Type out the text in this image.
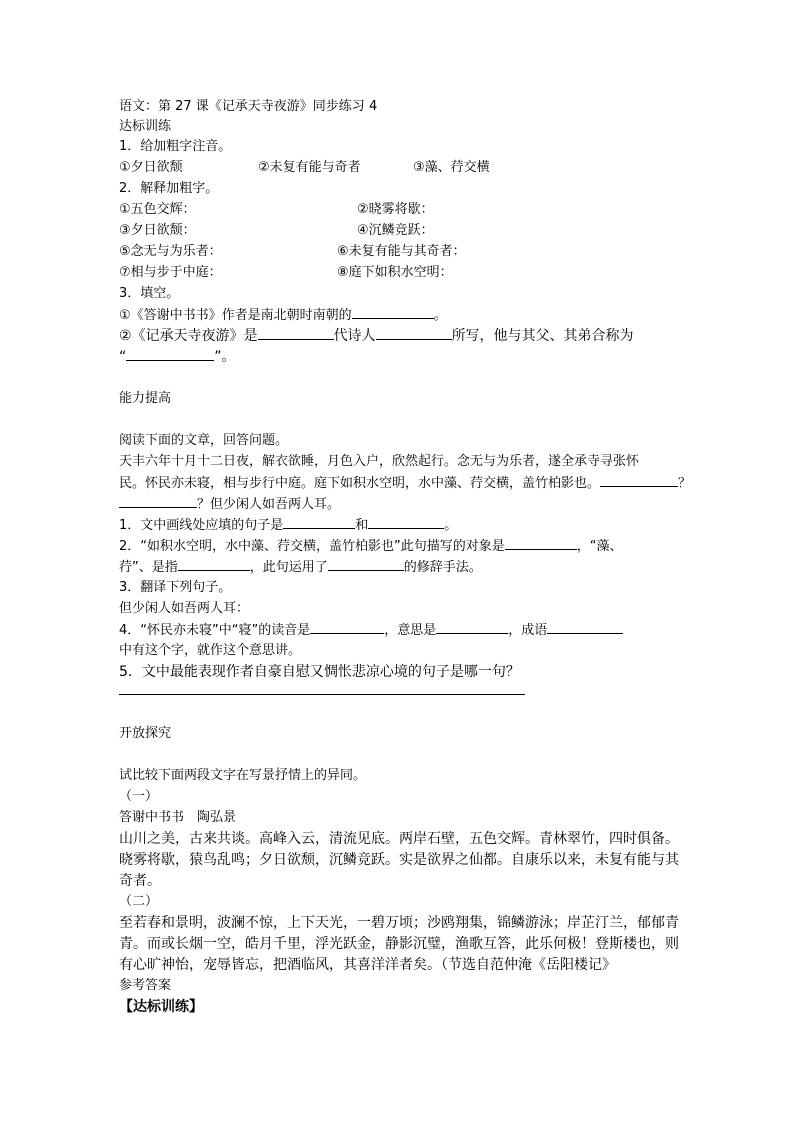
语文：第 27 课《记承天寺夜游》同步练习 4
达标训练
1．给加粗字注音。
①夕日欲颓	②未复有能与奇者	③藻、荇交横
2．解释加粗字。
①五色交辉：	②晓雾将歇：
③夕日欲颓：	④沉鳞竞跃：
⑤念无与为乐者：	⑥未复有能与其奇者：
⑦相与步于中庭：	⑧庭下如积水空明：
3．填空。
①《答谢中书书》作者是南北朝时南朝的	。
②《记承天寺夜游》是	代诗人	所写，他与其父、其弟合称为
“	”。
能力提高
阅读下面的文章，回答问题。
天丰六年十月十二日夜，解衣欲睡，月色入户，欣然起行。念无与为乐者，遂全承寺寻张怀
民。怀民亦未寝，相与步行中庭。庭下如积水空明，水中藻、荇交横，盖竹柏影也。	？
？但少闲人如吾两人耳。
1．文中画线处应填的句子是	和	。
2．“如积水空明，水中藻、荇交横，盖竹柏影也”此句描写的对象是	，“藻、
荇”、是指	，此句运用了	的修辞手法。
3．翻译下列句子。
但少闲人如吾两人耳：
4．“怀民亦未寝”中“寝”的读音是	，意思是	，成语
中有这个字，就作这个意思讲。
5．文中最能表现作者自豪自慰又惆怅悲凉心境的句子是哪一句？
开放探究
试比较下面两段文字在写景抒情上的异同。
（一）
答谢中书书　陶弘景
山川之美，古来共谈。高峰入云，清流见底。两岸石壁，五色交辉。青林翠竹，四时俱备。
晓雾将歇，猿鸟乱鸣；夕日欲颓，沉鳞竞跃。实是欲界之仙都。自康乐以来，未复有能与其
奇者。
（二）
至若春和景明，波澜不惊，上下天光，一碧万顷；沙鸥翔集，锦鳞游泳；岸芷汀兰，郁郁青
青。而或长烟一空，皓月千里，浮光跃金，静影沉璧，渔歌互答，此乐何极！登斯楼也，则
有心旷神怡，宠辱皆忘，把酒临风，其喜洋洋者矣。（节选自范仲淹《岳阳楼记》
参考答案
【达标训练】
